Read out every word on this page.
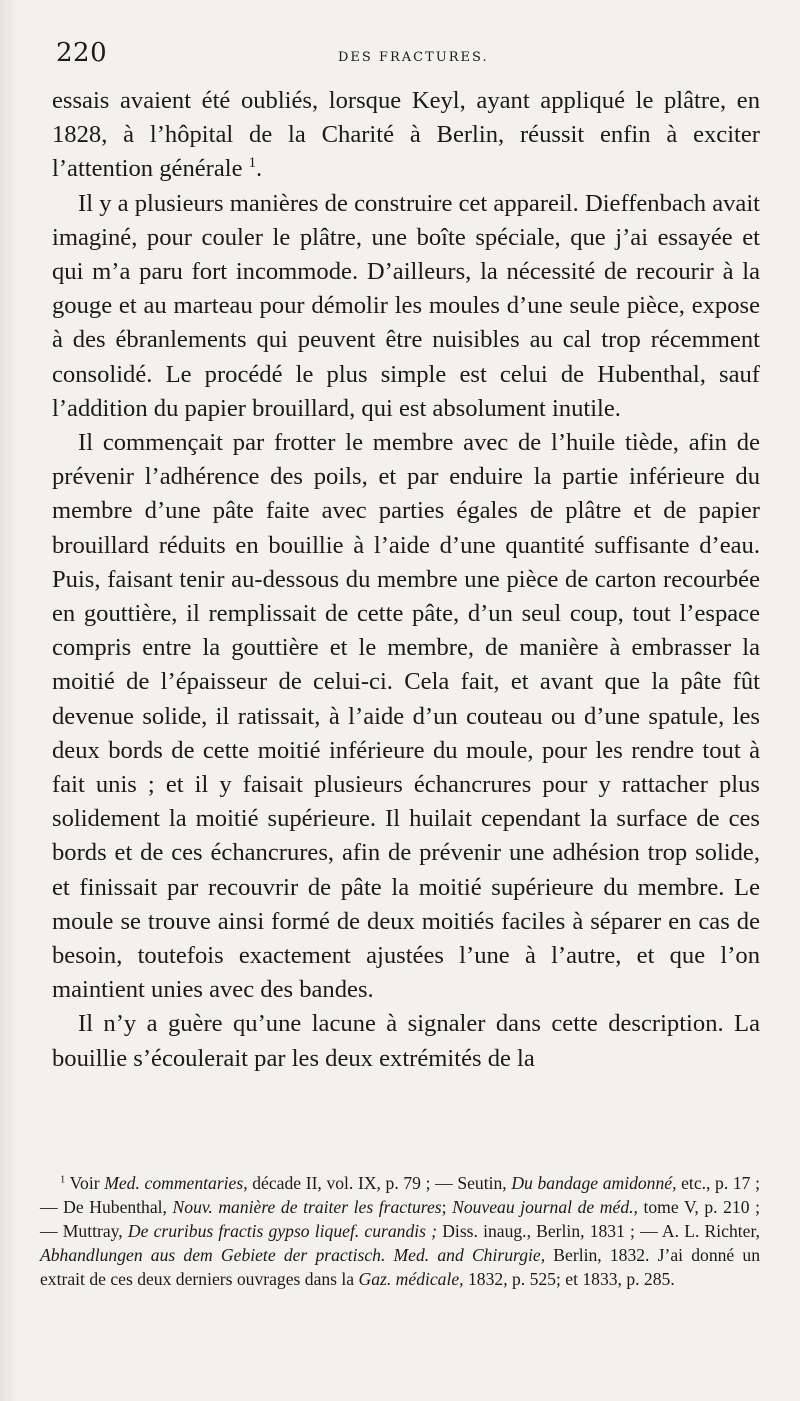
220	DES FRACTURES.

essais avaient été oubliés, lorsque Keyl, ayant appliqué le plâtre, en 1828, à l’hôpital de la Charité à Berlin, réussit enfin à exciter l’attention générale $^1$.

Il y a plusieurs manières de construire cet appareil. Dieffenbach avait imaginé, pour couler le plâtre, une boîte spéciale, que j’ai essayée et qui m’a paru fort incommode. D’ailleurs, la nécessité de recourir à la gouge et au marteau pour démolir les moules d’une seule pièce, expose à des ébranlements qui peuvent être nuisibles au cal trop récemment consolidé. Le procédé le plus simple est celui de Hubenthal, sauf l’addition du papier brouillard, qui est absolument inutile.

Il commençait par frotter le membre avec de l’huile tiède, afin de prévenir l’adhérence des poils, et par enduire la partie inférieure du membre d’une pâte faite avec parties égales de plâtre et de papier brouillard réduits en bouillie à l’aide d’une quantité suffisante d’eau. Puis, faisant tenir au-dessous du membre une pièce de carton recourbée en gouttière, il remplissait de cette pâte, d’un seul coup, tout l’espace compris entre la gouttière et le membre, de manière à embrasser la moitié de l’épaisseur de celui-ci. Cela fait, et avant que la pâte fût devenue solide, il ratissait, à l’aide d’un couteau ou d’une spatule, les deux bords de cette moitié inférieure du moule, pour les rendre tout à fait unis ; et il y faisait plusieurs échancrures pour y rattacher plus solidement la moitié supérieure. Il huilait cependant la surface de ces bords et de ces échancrures, afin de prévenir une adhésion trop solide, et finissait par recouvrir de pâte la moitié supérieure du membre. Le moule se trouve ainsi formé de deux moitiés faciles à séparer en cas de besoin, toutefois exactement ajustées l’une à l’autre, et que l’on maintient unies avec des bandes.

Il n’y a guère qu’une lacune à signaler dans cette description. La bouillie s’écoulerait par les deux extrémités de la

$^1$ Voir Med. commentaries, décade II, vol. IX, p. 79 ; — Seutin, Du bandage amidonné, etc., p. 17 ; — De Hubenthal, Nouv. manière de traiter les fractures; Nouveau journal de méd., tome V, p. 210 ; — Muttray, De cruribus fractis gypso liquef. curandis ; Diss. inaug., Berlin, 1831 ; — A. L. Richter, Abhandlungen aus dem Gebiete der practisch. Med. and Chirurgie, Berlin, 1832. J’ai donné un extrait de ces deux derniers ouvrages dans la Gaz. médicale, 1832, p. 525; et 1833, p. 285.
